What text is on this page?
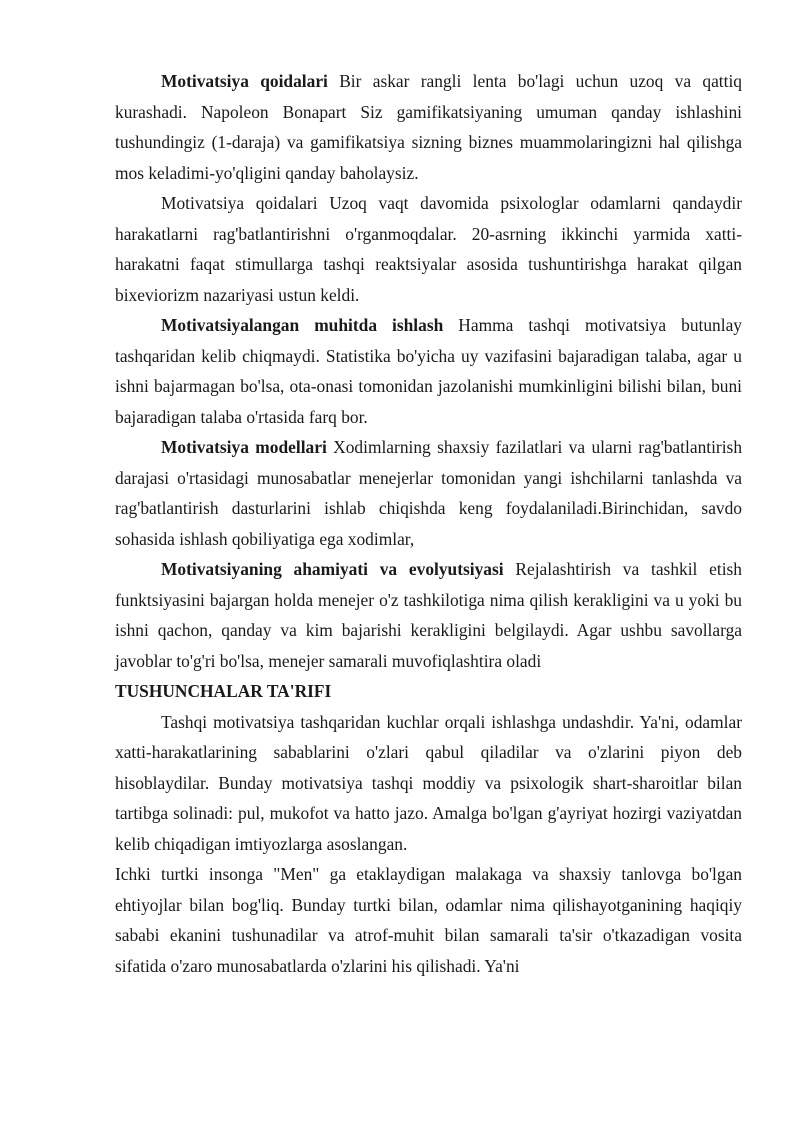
Motivatsiya qoidalari Bir askar rangli lenta bo'lagi uchun uzoq va qattiq kurashadi. Napoleon Bonapart Siz gamifikatsiyaning umuman qanday ishlashini tushundingiz (1-daraja) va gamifikatsiya sizning biznes muammolaringizni hal qilishga mos keladimi-yo'qligini qanday baholaysiz.

Motivatsiya qoidalari Uzoq vaqt davomida psixologlar odamlarni qandaydir harakatlarni rag'batlantirishni o'rganmoqdalar. 20-asrning ikkinchi yarmida xatti-harakatni faqat stimullarga tashqi reaktsiyalar asosida tushuntirishga harakat qilgan bixeviorizm nazariyasi ustun keldi.

Motivatsiyalangan muhitda ishlash Hamma tashqi motivatsiya butunlay tashqaridan kelib chiqmaydi. Statistika bo'yicha uy vazifasini bajaradigan talaba, agar u ishni bajarmagan bo'lsa, ota-onasi tomonidan jazolanishi mumkinligini bilishi bilan, buni bajaradigan talaba o'rtasida farq bor.

Motivatsiya modellari Xodimlarning shaxsiy fazilatlari va ularni rag'batlantirish darajasi o'rtasidagi munosabatlar menejerlar tomonidan yangi ishchilarni tanlashda va rag'batlantirish dasturlarini ishlab chiqishda keng foydalaniladi.Birinchidan, savdo sohasida ishlash qobiliyatiga ega xodimlar,

Motivatsiyaning ahamiyati va evolyutsiyasi Rejalashtirish va tashkil etish funktsiyasini bajargan holda menejer o'z tashkilotiga nima qilish kerakligini va u yoki bu ishni qachon, qanday va kim bajarishi kerakligini belgilaydi. Agar ushbu savollarga javoblar to'g'ri bo'lsa, menejer samarali muvofiqlashtira oladi

TUSHUNCHALAR TA'RIFI

Tashqi motivatsiya tashqaridan kuchlar orqali ishlashga undashdir. Ya'ni, odamlar xatti-harakatlarining sabablarini o'zlari qabul qiladilar va o'zlarini piyon deb hisoblaydilar. Bunday motivatsiya tashqi moddiy va psixologik shart-sharoitlar bilan tartibga solinadi: pul, mukofot va hatto jazo. Amalga bo'lgan g'ayriyat hozirgi vaziyatdan kelib chiqadigan imtiyozlarga asoslangan.

Ichki turtki insonga "Men" ga etaklaydigan malakaga va shaxsiy tanlovga bo'lgan ehtiyojlar bilan bog'liq. Bunday turtki bilan, odamlar nima qilishayotganining haqiqiy sababi ekanini tushunadilar va atrof-muhit bilan samarali ta'sir o'tkazadigan vosita sifatida o'zaro munosabatlarda o'zlarini his qilishadi. Ya'ni
